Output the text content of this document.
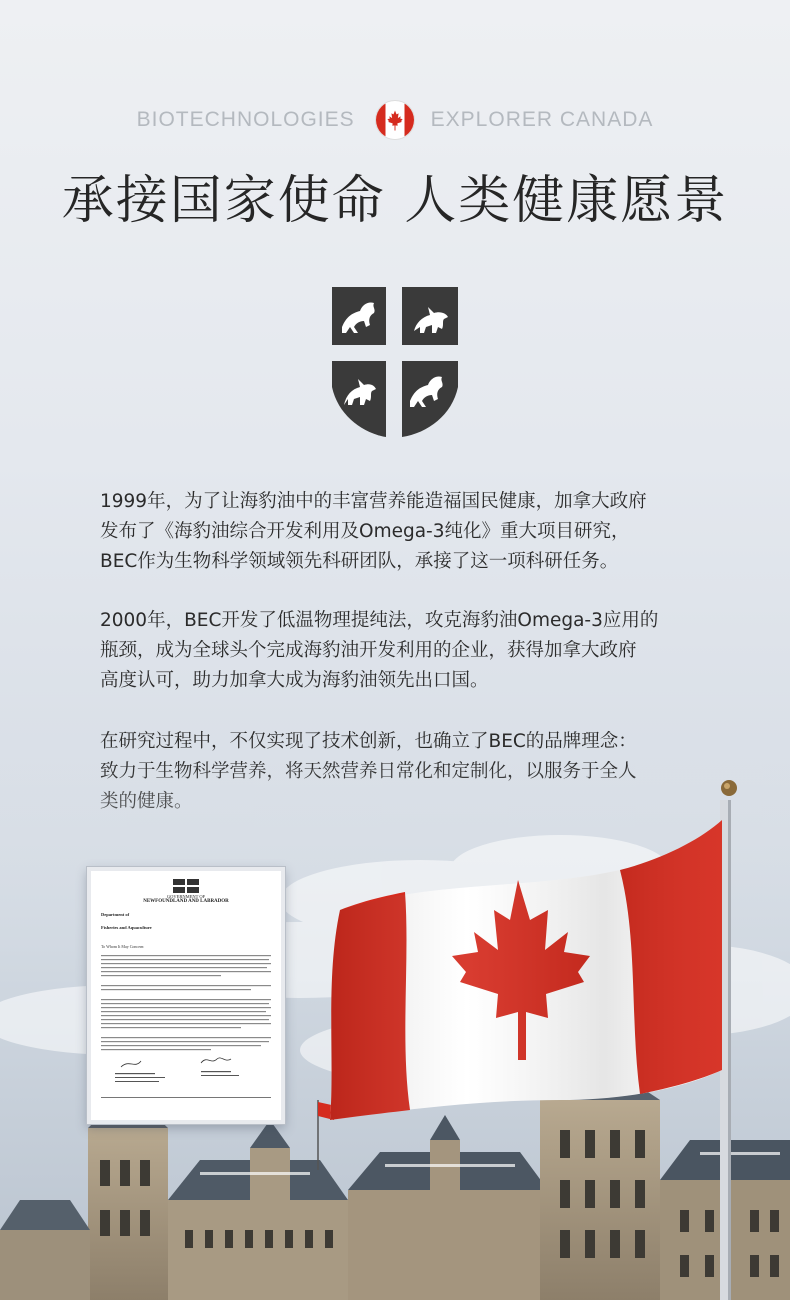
BIOTECHNOLOGIES	EXPLORER CANADA
承接国家使命 人类健康愿景
1999年，为了让海豹油中的丰富营养能造福国民健康，加拿大政府
发布了《海豹油综合开发利用及Omega-3纯化》重大项目研究，
BEC作为生物科学领域领先科研团队，承接了这一项科研任务。
2000年，BEC开发了低温物理提纯法，攻克海豹油Omega-3应用的
瓶颈，成为全球头个完成海豹油开发利用的企业，获得加拿大政府
高度认可，助力加拿大成为海豹油领先出口国。
在研究过程中，不仅实现了技术创新，也确立了BEC的品牌理念：
GOVERNMENT OF
NEWFOUNDLAND AND LABRADOR
Department of
Fisheries and Aquaculture
To Whom It May Concern:
